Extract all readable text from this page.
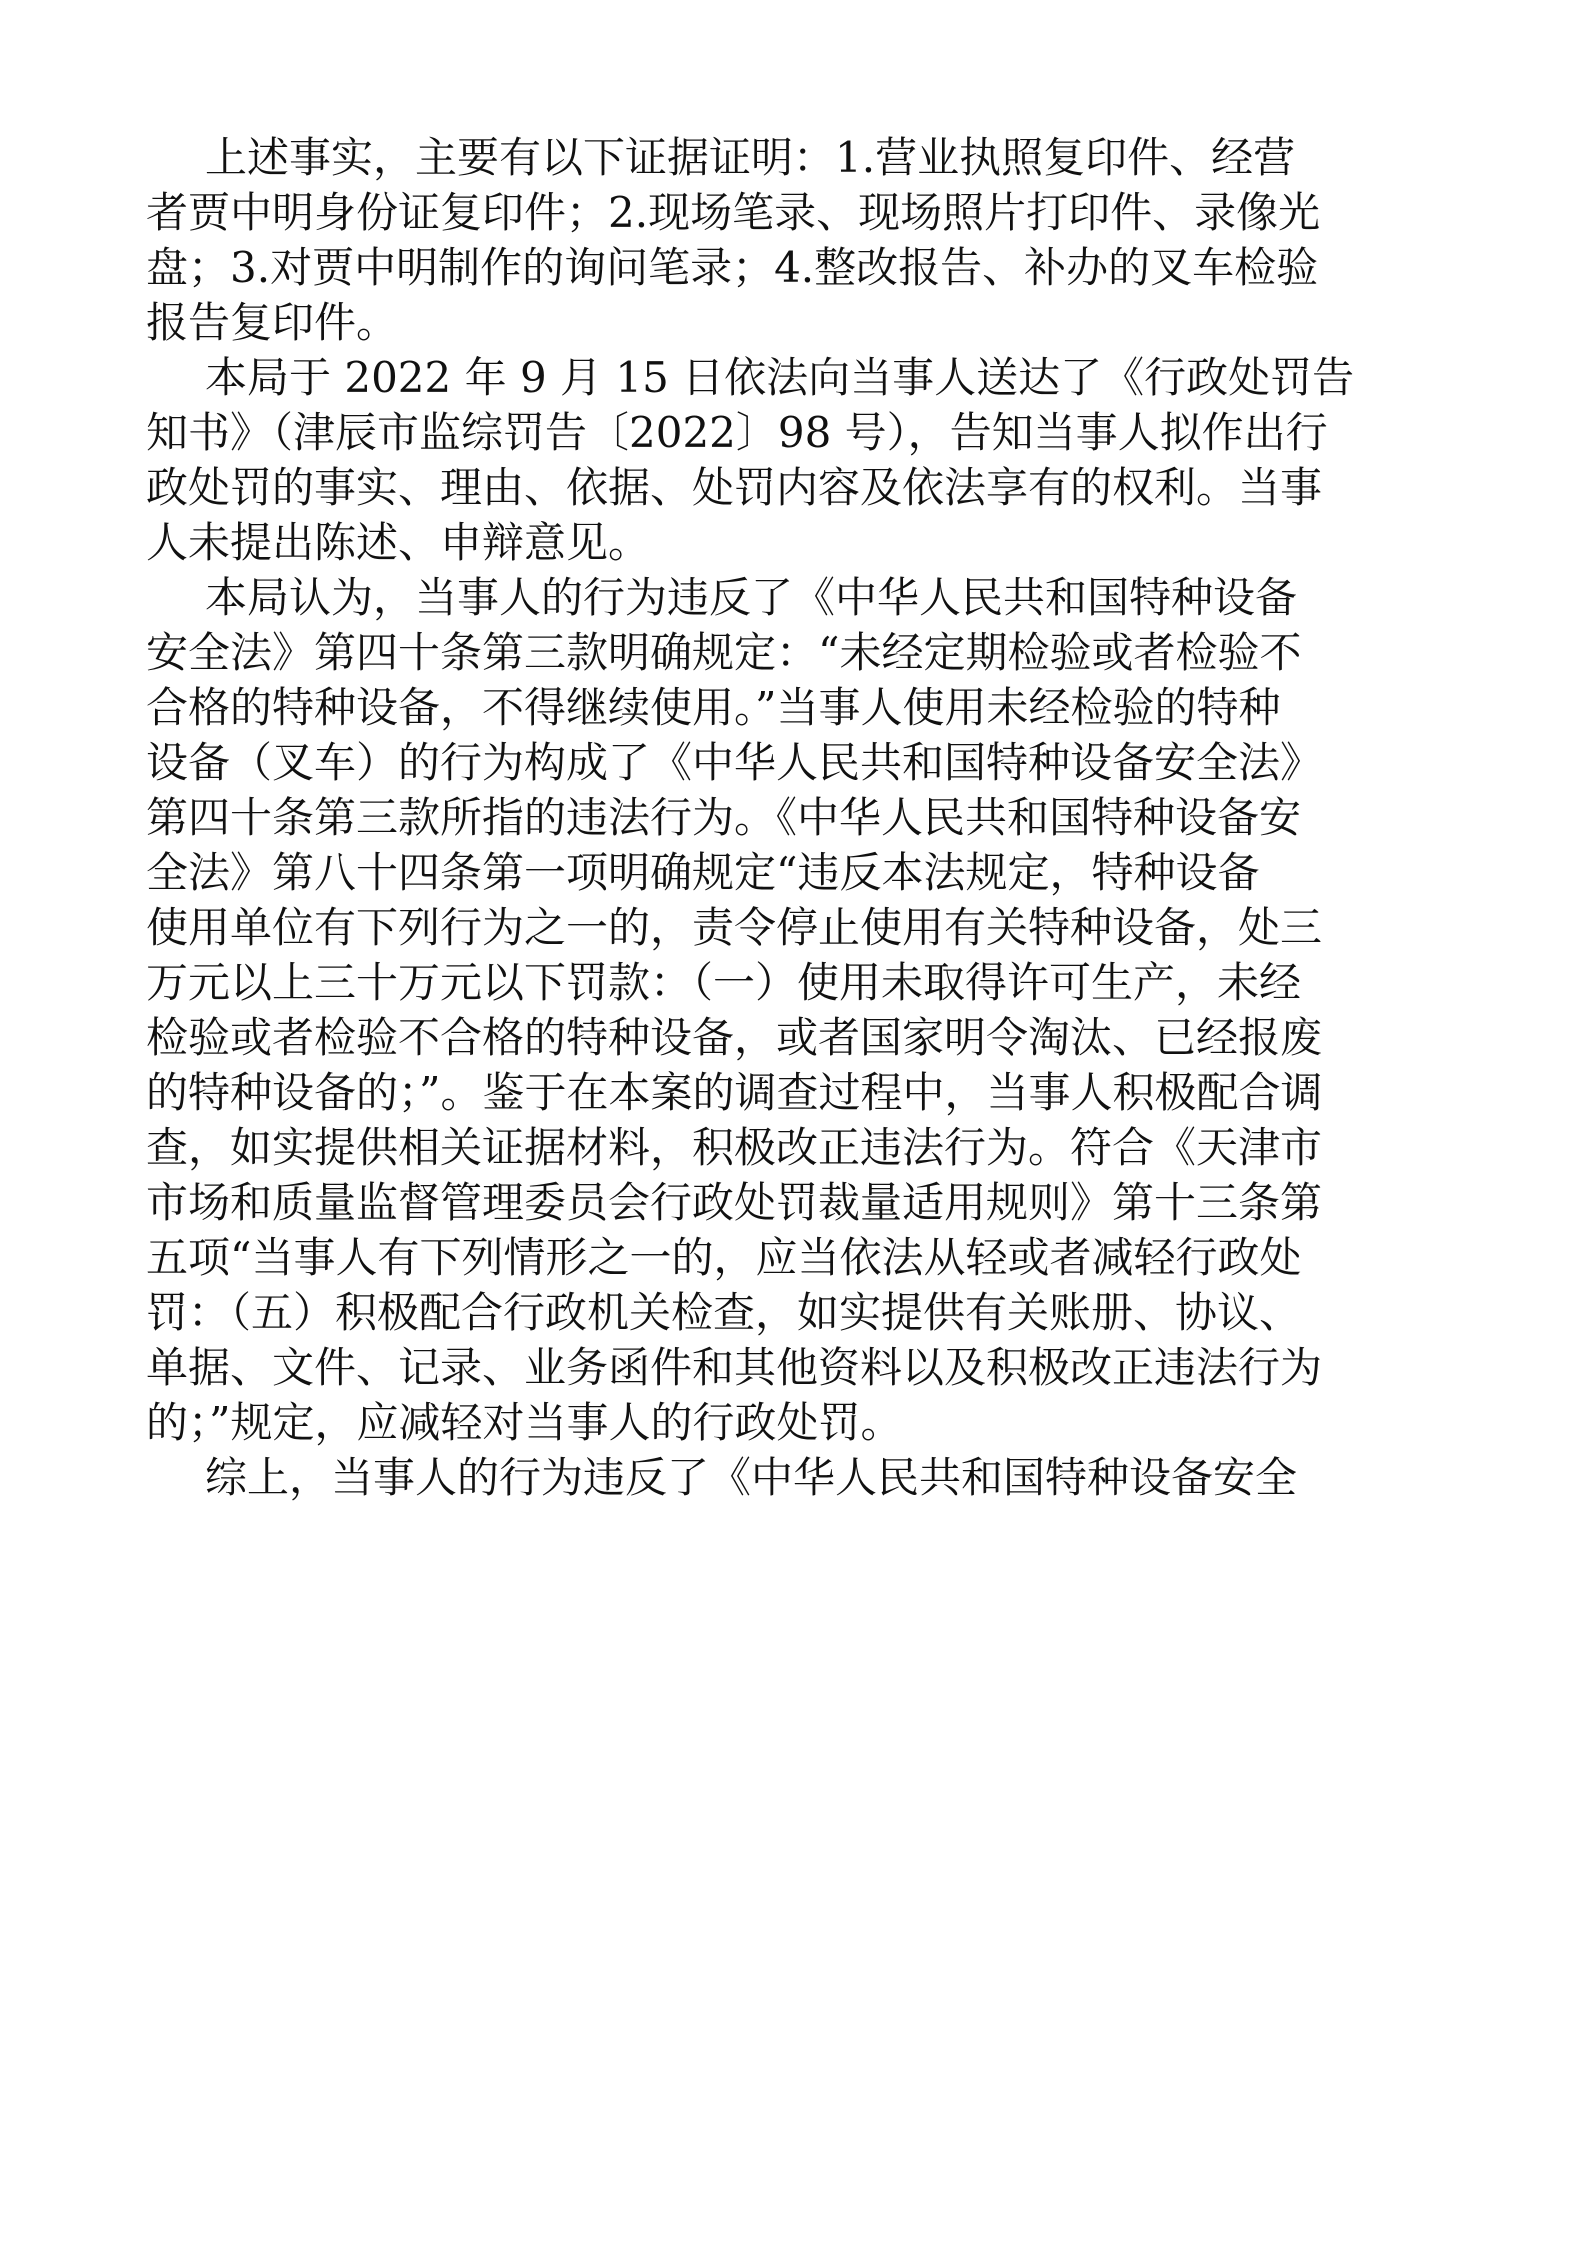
上述事实，主要有以下证据证明：1.营业执照复印件、经营
者贾中明身份证复印件；2.现场笔录、现场照片打印件、录像光
盘；3.对贾中明制作的询问笔录；4.整改报告、补办的叉车检验
报告复印件。
本局于 2022 年 9 月 15 日依法向当事人送达了《行政处罚告
知书》（津辰市监综罚告〔2022〕98 号），告知当事人拟作出行
政处罚的事实、理由、依据、处罚内容及依法享有的权利。当事
人未提出陈述、申辩意见。
本局认为，当事人的行为违反了《中华人民共和国特种设备
安全法》第四十条第三款明确规定：“未经定期检验或者检验不
合格的特种设备，不得继续使用。”当事人使用未经检验的特种
设备（叉车）的行为构成了《中华人民共和国特种设备安全法》
第四十条第三款所指的违法行为。《中华人民共和国特种设备安
全法》第八十四条第一项明确规定“违反本法规定，特种设备
使用单位有下列行为之一的，责令停止使用有关特种设备，处三
万元以上三十万元以下罚款：（一）使用未取得许可生产，未经
检验或者检验不合格的特种设备，或者国家明令淘汰、已经报废
的特种设备的；”。鉴于在本案的调查过程中，当事人积极配合调
查，如实提供相关证据材料，积极改正违法行为。符合《天津市
市场和质量监督管理委员会行政处罚裁量适用规则》第十三条第
五项“当事人有下列情形之一的，应当依法从轻或者减轻行政处
罚：（五）积极配合行政机关检查，如实提供有关账册、协议、
单据、文件、记录、业务函件和其他资料以及积极改正违法行为
的；”规定，应减轻对当事人的行政处罚。
综上，当事人的行为违反了《中华人民共和国特种设备安全
